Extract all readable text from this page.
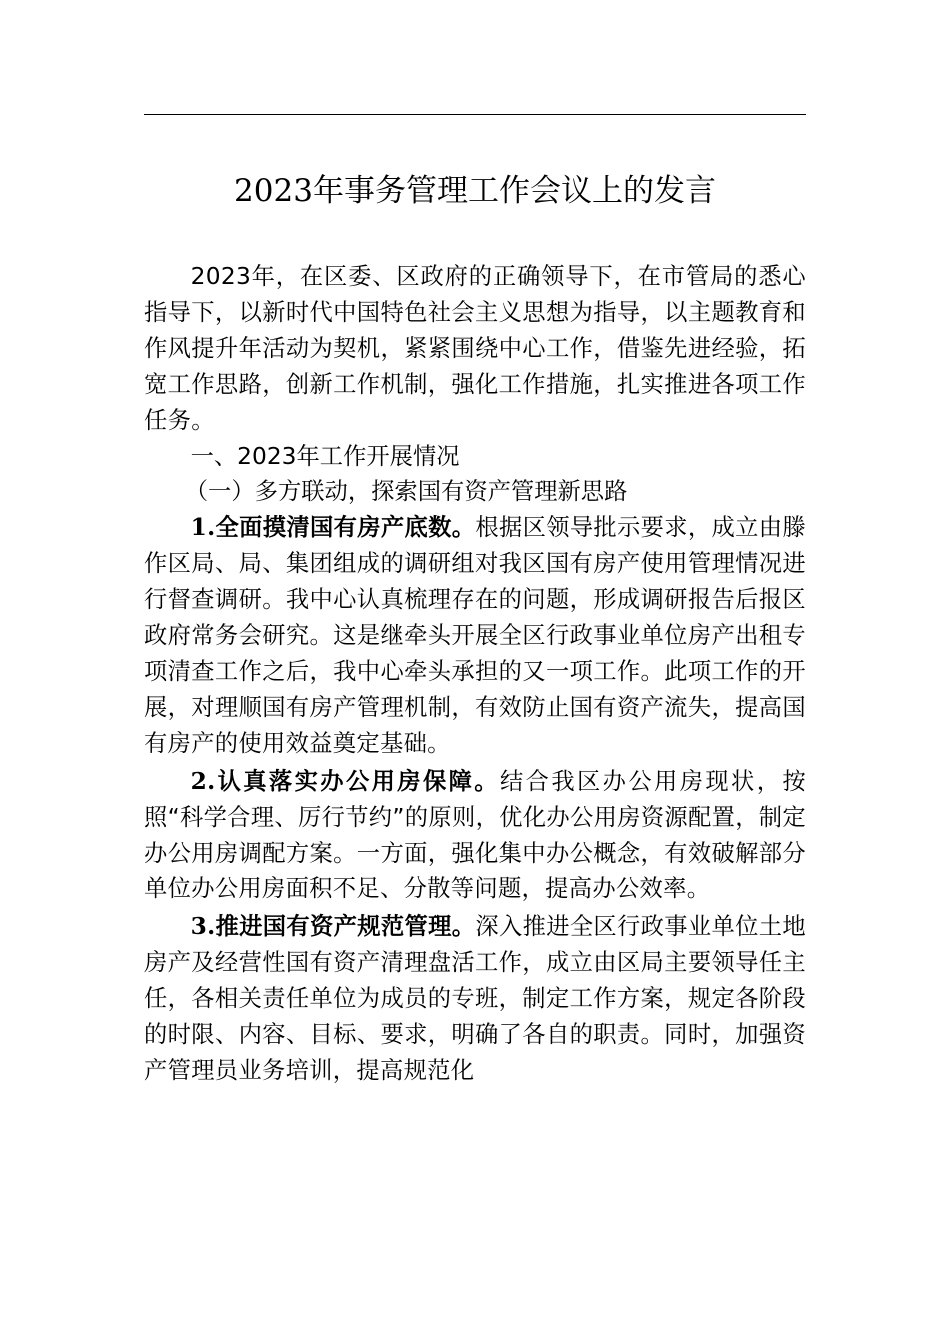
2023年事务管理工作会议上的发言

2023年，在区委、区政府的正确领导下，在市管局的悉心指导下，以新时代中国特色社会主义思想为指导，以主题教育和作风提升年活动为契机，紧紧围绕中心工作，借鉴先进经验，拓宽工作思路，创新工作机制，强化工作措施，扎实推进各项工作任务。

一、2023年工作开展情况

（一）多方联动，探索国有资产管理新思路

1.全面摸清国有房产底数。根据区领导批示要求，成立由滕作区局、局、集团组成的调研组对我区国有房产使用管理情况进行督查调研。我中心认真梳理存在的问题，形成调研报告后报区政府常务会研究。这是继牵头开展全区行政事业单位房产出租专项清查工作之后，我中心牵头承担的又一项工作。此项工作的开展，对理顺国有房产管理机制，有效防止国有资产流失，提高国有房产的使用效益奠定基础。

2.认真落实办公用房保障。结合我区办公用房现状，按照“科学合理、厉行节约”的原则，优化办公用房资源配置，制定办公用房调配方案。一方面，强化集中办公概念，有效破解部分单位办公用房面积不足、分散等问题，提高办公效率。

3.推进国有资产规范管理。深入推进全区行政事业单位土地房产及经营性国有资产清理盘活工作，成立由区局主要领导任主任，各相关责任单位为成员的专班，制定工作方案，规定各阶段的时限、内容、目标、要求，明确了各自的职责。同时，加强资产管理员业务培训，提高规范化
